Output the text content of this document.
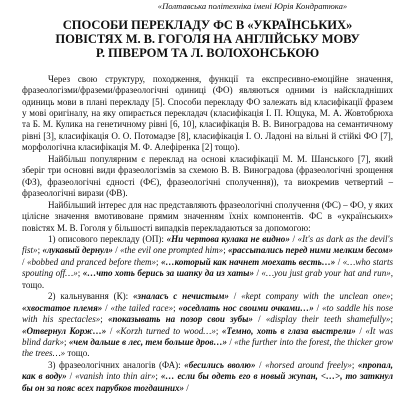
«Полтавська політехніка імені Юрія Кондратюка»
СПОСОБИ ПЕРЕКЛАДУ ФС В «УКРАЇНСЬКИХ»
ПОВІСТЯХ М. В. ГОГОЛЯ НА АНГЛІЙСЬКУ МОВУ
Р. ПІВЕРОМ ТА Л. ВОЛОХОНСЬКОЮ

Через свою структуру, походження, функції та експресивно-емоційне значення, фразеологізми/фраземи/фразеологічні одиниці (ФО) являються одними із найскладніших одиниць мови в плані перекладу [5]. Способи перекладу ФО залежать від класифікації фразем у мові оригіналу, на яку опирається перекладач (класифікація І. П. Ющука, М. А. Жовтобрюха та Б. М. Кулика на генетичному рівні [6, 10], класифікація В. В. Виноградова на семантичному рівні [3], класифікація О. О. Потомадзе [8], класифікація І. О. Ладоні на вільні й стійкі ФО [7], морфологічна класифікація М. Ф. Алефіренка [2] тощо).

Найбільш популярним є переклад на основі класифікації М. М. Шанського [7], який зберіг три основні види фразеологізмів за схемою В. В. Виноградова (фразеологічні зрощення (ФЗ), фразеологічні єдності (ФЄ), фразеологічні сполучення)), та виокремив четвертий – фразеологічні вирази (ФВ).

Найбільший інтерес для нас представляють фразеологічні сполучення (ФС) – ФО, у яких цілісне значення вмотивоване прямим значенням їхніх компонентів. ФС в «українських» повістях М. В. Гоголя у більшості випадків перекладаються за допомогою:

1) описового перекладу (ОП): «Ни чертова кулака не видно» / «It's as dark as the devil's fist»; «лукавый дернул» / «the evil one prompted him»; «рассыпались перед ними мелким бесом» / «bobbed and pranced before them»; «…который как начнет моехать весть…» / «…who starts spouting off…»; «…что хоть берись за шапку да из хаты» / «…you just grab your hat and run», тощо.

2) кальнування (К): «зналасъ с нечистым» / «kept company with the unclean one»; «хвостатое племя» / «the tailed race»; «оседлать нос своими очками…» / «to saddle his nose with his spectacles»; «показывать на позор свои зубы» / «display their teeth shamefully»; «Отвернул Корж…» / «Korzh turned to wood…»; «Темно, хоть в глаза выстрели» / «It was blind dark»; «чем дальше в лес, тем больше дров…» / «the further into the forest, the thicker grow the trees…» тощо.

3) фразеологічних аналогів (ФА): «бесились вволю» / «horsed around freely»; «пропал, как в воду» / «vanish into thin air»; «… если бы одеть его в новый жупан, <…>, то заткнул бы он за пояс всех парубков тогдашних» /
